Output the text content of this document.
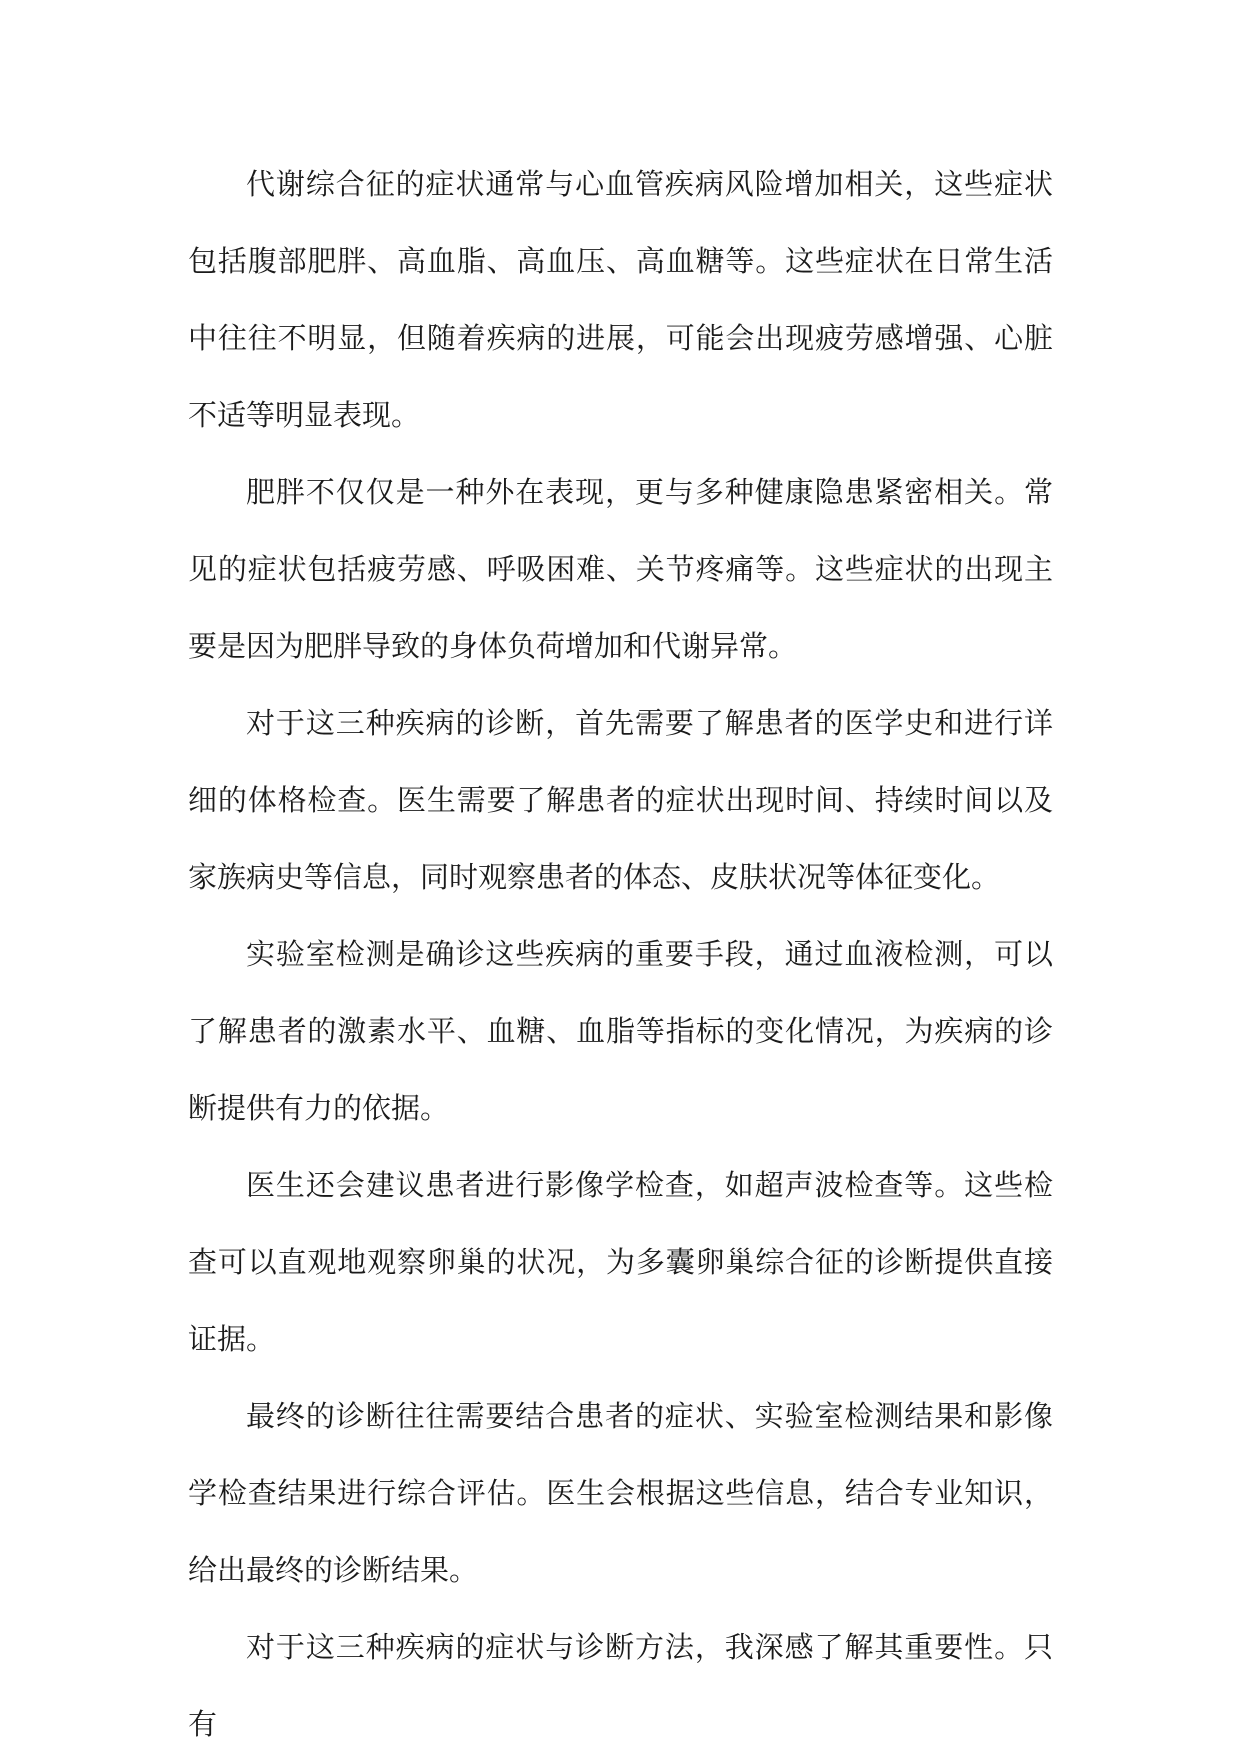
代谢综合征的症状通常与心血管疾病风险增加相关，这些症状包括腹部肥胖、高血脂、高血压、高血糖等。这些症状在日常生活中往往不明显，但随着疾病的进展，可能会出现疲劳感增强、心脏不适等明显表现。

肥胖不仅仅是一种外在表现，更与多种健康隐患紧密相关。常见的症状包括疲劳感、呼吸困难、关节疼痛等。这些症状的出现主要是因为肥胖导致的身体负荷增加和代谢异常。

对于这三种疾病的诊断，首先需要了解患者的医学史和进行详细的体格检查。医生需要了解患者的症状出现时间、持续时间以及家族病史等信息，同时观察患者的体态、皮肤状况等体征变化。

实验室检测是确诊这些疾病的重要手段，通过血液检测，可以了解患者的激素水平、血糖、血脂等指标的变化情况，为疾病的诊断提供有力的依据。

医生还会建议患者进行影像学检查，如超声波检查等。这些检查可以直观地观察卵巢的状况，为多囊卵巢综合征的诊断提供直接证据。

最终的诊断往往需要结合患者的症状、实验室检测结果和影像学检查结果进行综合评估。医生会根据这些信息，结合专业知识，给出最终的诊断结果。

对于这三种疾病的症状与诊断方法，我深感了解其重要性。只有
